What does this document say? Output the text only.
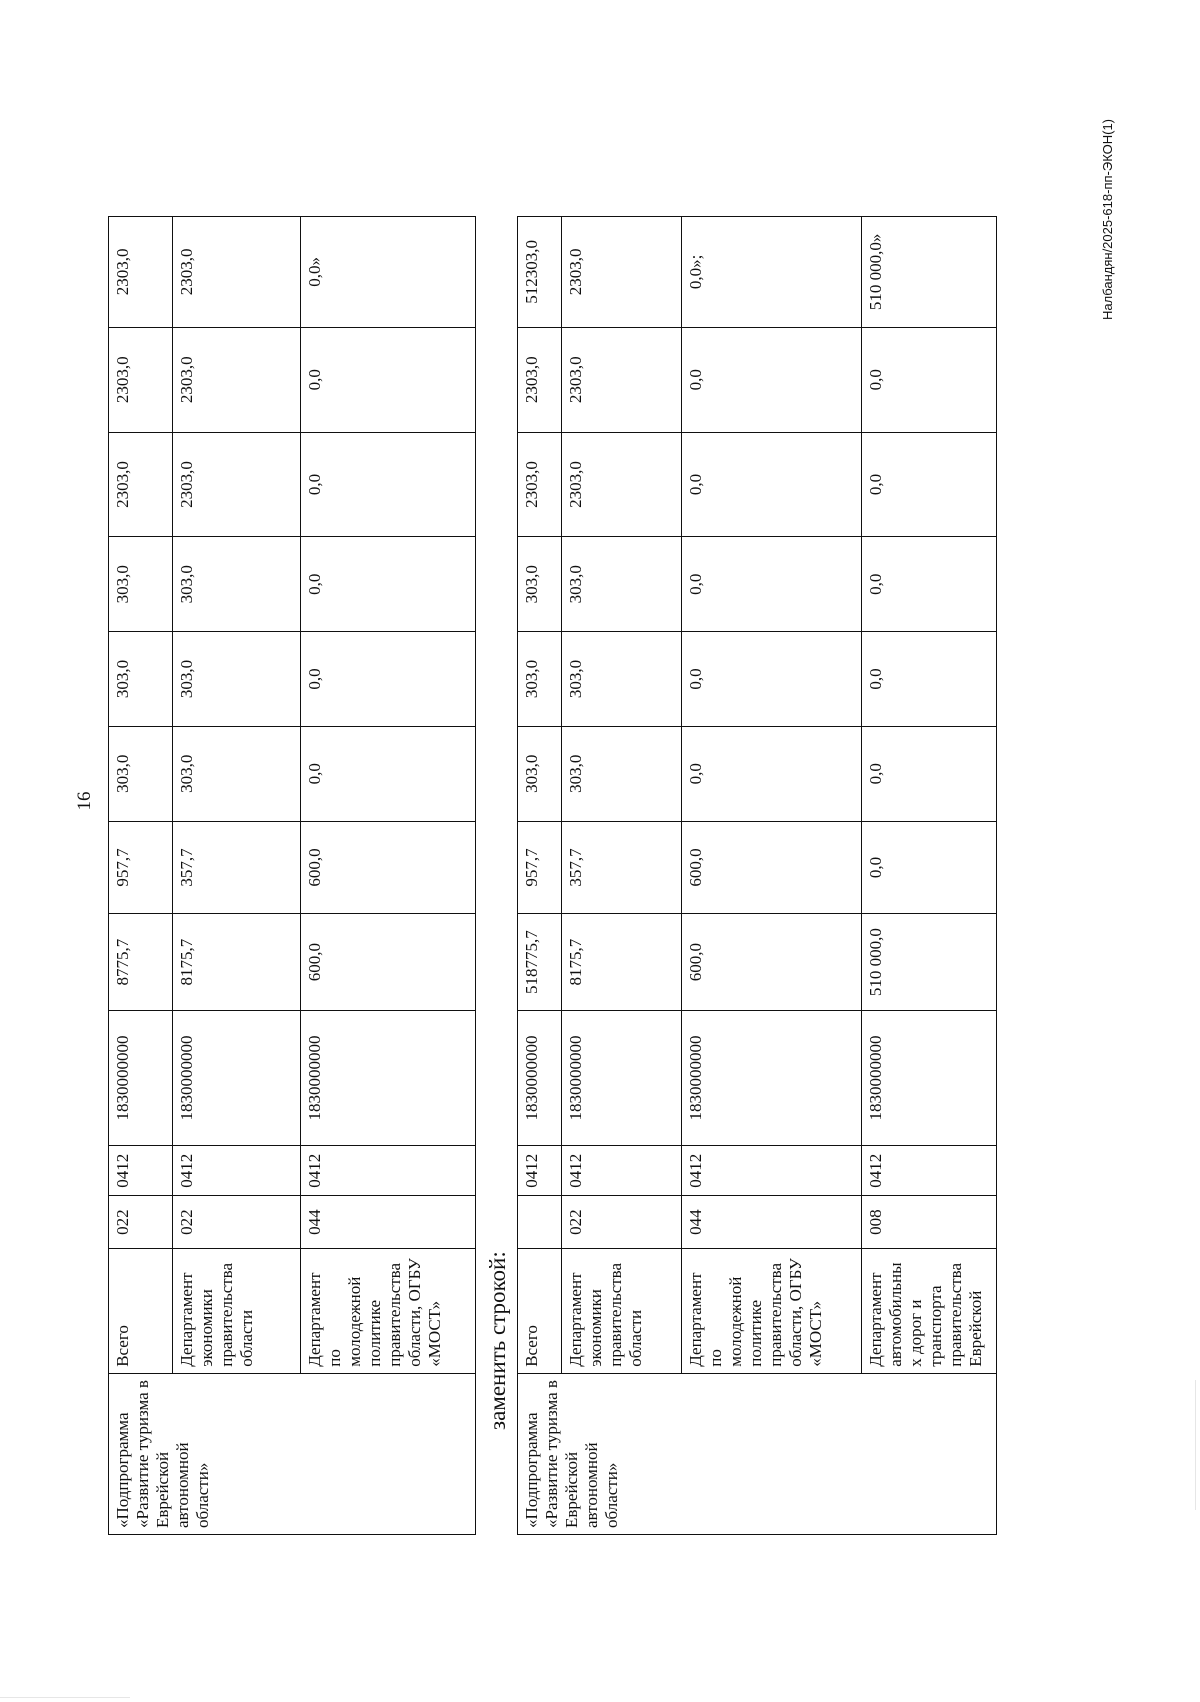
16
Налбандян/2025-618-пп-ЭКОН(1)
«Подпрограмма «Развитие туризма в Еврейской автономной области»	Всего	022	0412	1830000000	8775,7	957,7	303,0	303,0	303,0	2303,0	2303,0	2303,0
	Департамент экономики правительства области	022	0412	1830000000	8175,7	357,7	303,0	303,0	303,0	2303,0	2303,0	2303,0
	Департамент по молодежной политике правительства области, ОГБУ «МОСТ»	044	0412	1830000000	600,0	600,0	0,0	0,0	0,0	0,0	0,0	0,0»
заменить строкой:
«Подпрограмма «Развитие туризма в Еврейской автономной области»	Всего		0412	1830000000	518775,7	957,7	303,0	303,0	303,0	2303,0	2303,0	512303,0
	Департамент экономики правительства области	022	0412	1830000000	8175,7	357,7	303,0	303,0	303,0	2303,0	2303,0	2303,0
	Департамент по молодежной политике правительства области, ОГБУ «МОСТ»	044	0412	1830000000	600,0	600,0	0,0	0,0	0,0	0,0	0,0	0,0»;
	Департамент автомобильных дорог и транспорта правительства Еврейской	008	0412	1830000000	510 000,0	0,0	0,0	0,0	0,0	0,0	0,0	510 000,0»
